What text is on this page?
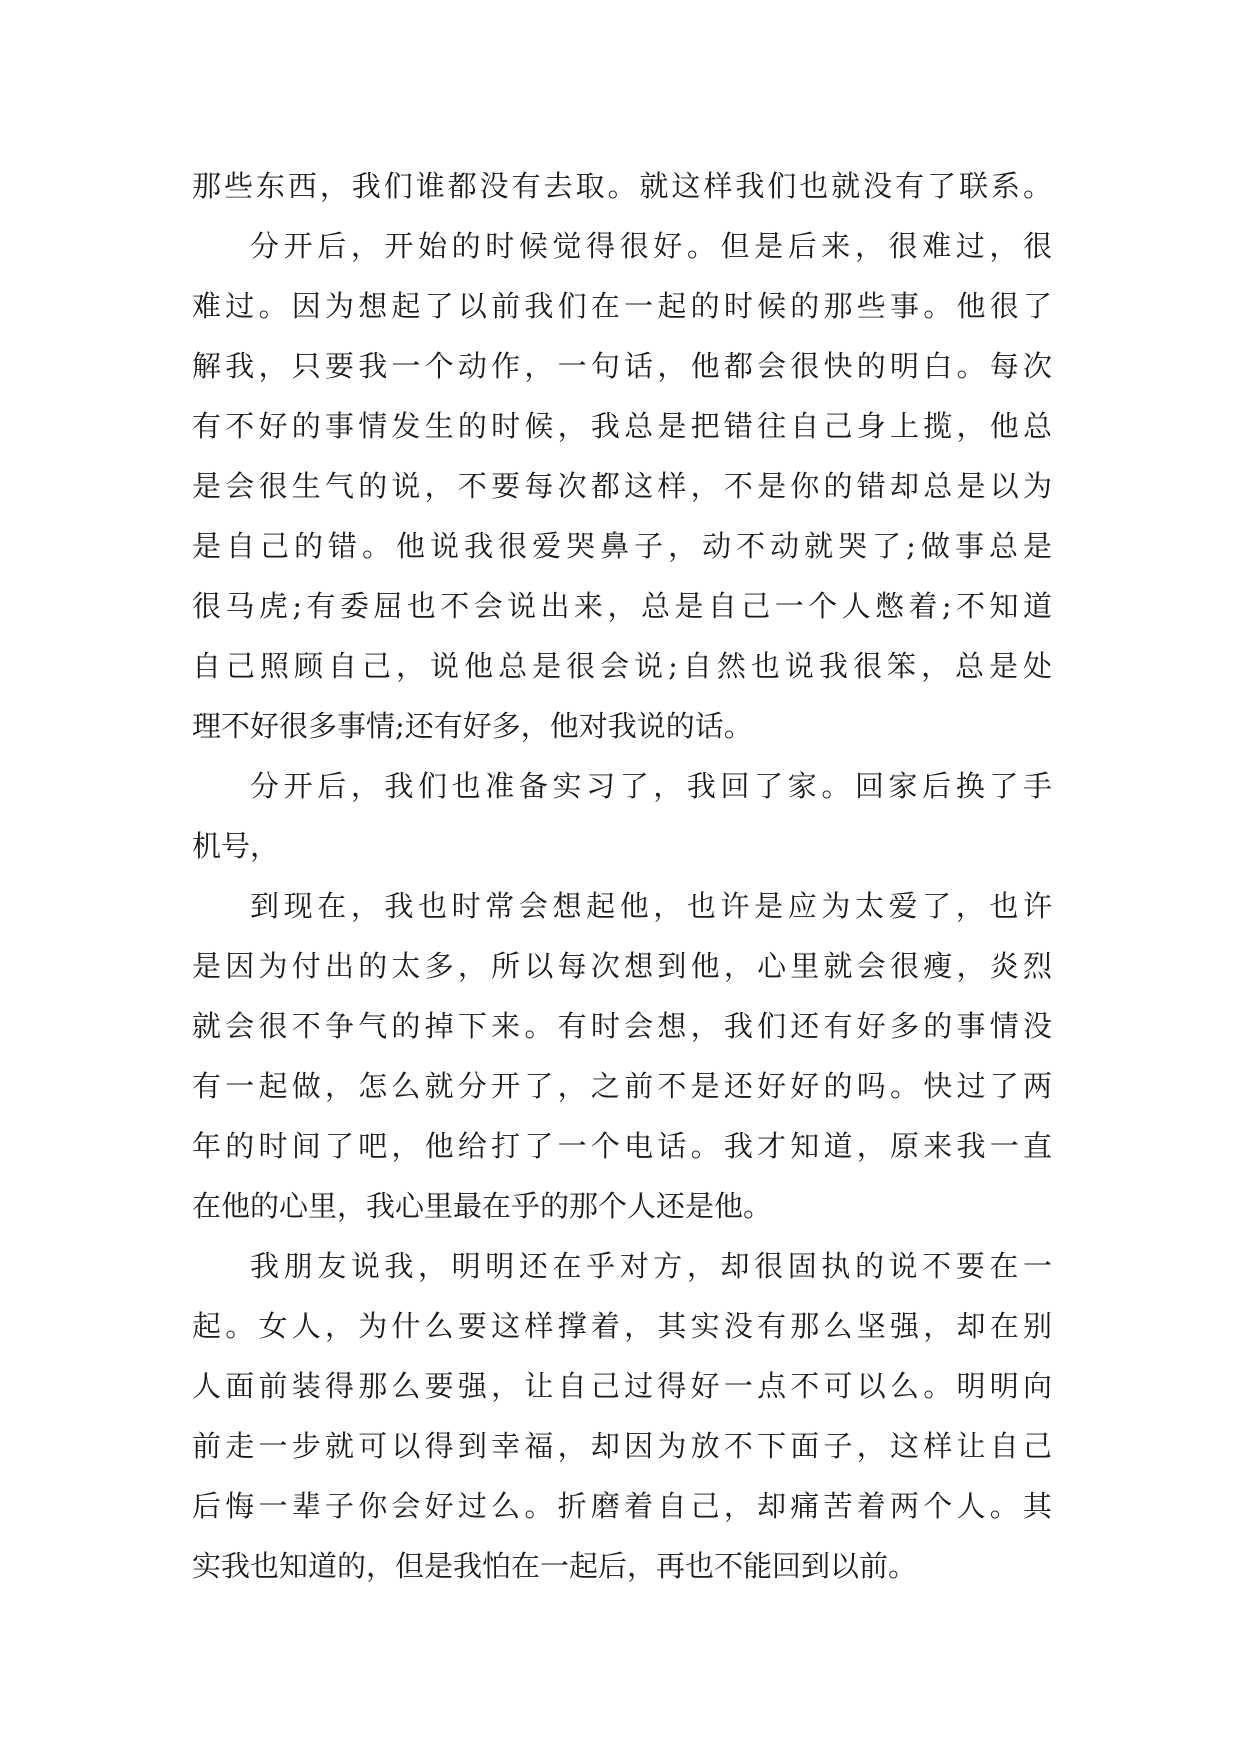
那些东西，我们谁都没有去取。就这样我们也就没有了联系。
分开后，开始的时候觉得很好。但是后来，很难过，很
难过。因为想起了以前我们在一起的时候的那些事。他很了
解我，只要我一个动作，一句话，他都会很快的明白。每次
有不好的事情发生的时候，我总是把错往自己身上揽，他总
是会很生气的说，不要每次都这样，不是你的错却总是以为
是自己的错。他说我很爱哭鼻子，动不动就哭了;做事总是
很马虎;有委屈也不会说出来，总是自己一个人憋着;不知道
自己照顾自己，说他总是很会说;自然也说我很笨，总是处
理不好很多事情;还有好多，他对我说的话。
分开后，我们也准备实习了，我回了家。回家后换了手
机号，
到现在，我也时常会想起他，也许是应为太爱了，也许
是因为付出的太多，所以每次想到他，心里就会很瘦，炎烈
就会很不争气的掉下来。有时会想，我们还有好多的事情没
有一起做，怎么就分开了，之前不是还好好的吗。快过了两
年的时间了吧，他给打了一个电话。我才知道，原来我一直
在他的心里，我心里最在乎的那个人还是他。
我朋友说我，明明还在乎对方，却很固执的说不要在一
起。女人，为什么要这样撑着，其实没有那么坚强，却在别
人面前装得那么要强，让自己过得好一点不可以么。明明向
前走一步就可以得到幸福，却因为放不下面子，这样让自己
后悔一辈子你会好过么。折磨着自己，却痛苦着两个人。其
实我也知道的，但是我怕在一起后，再也不能回到以前。
